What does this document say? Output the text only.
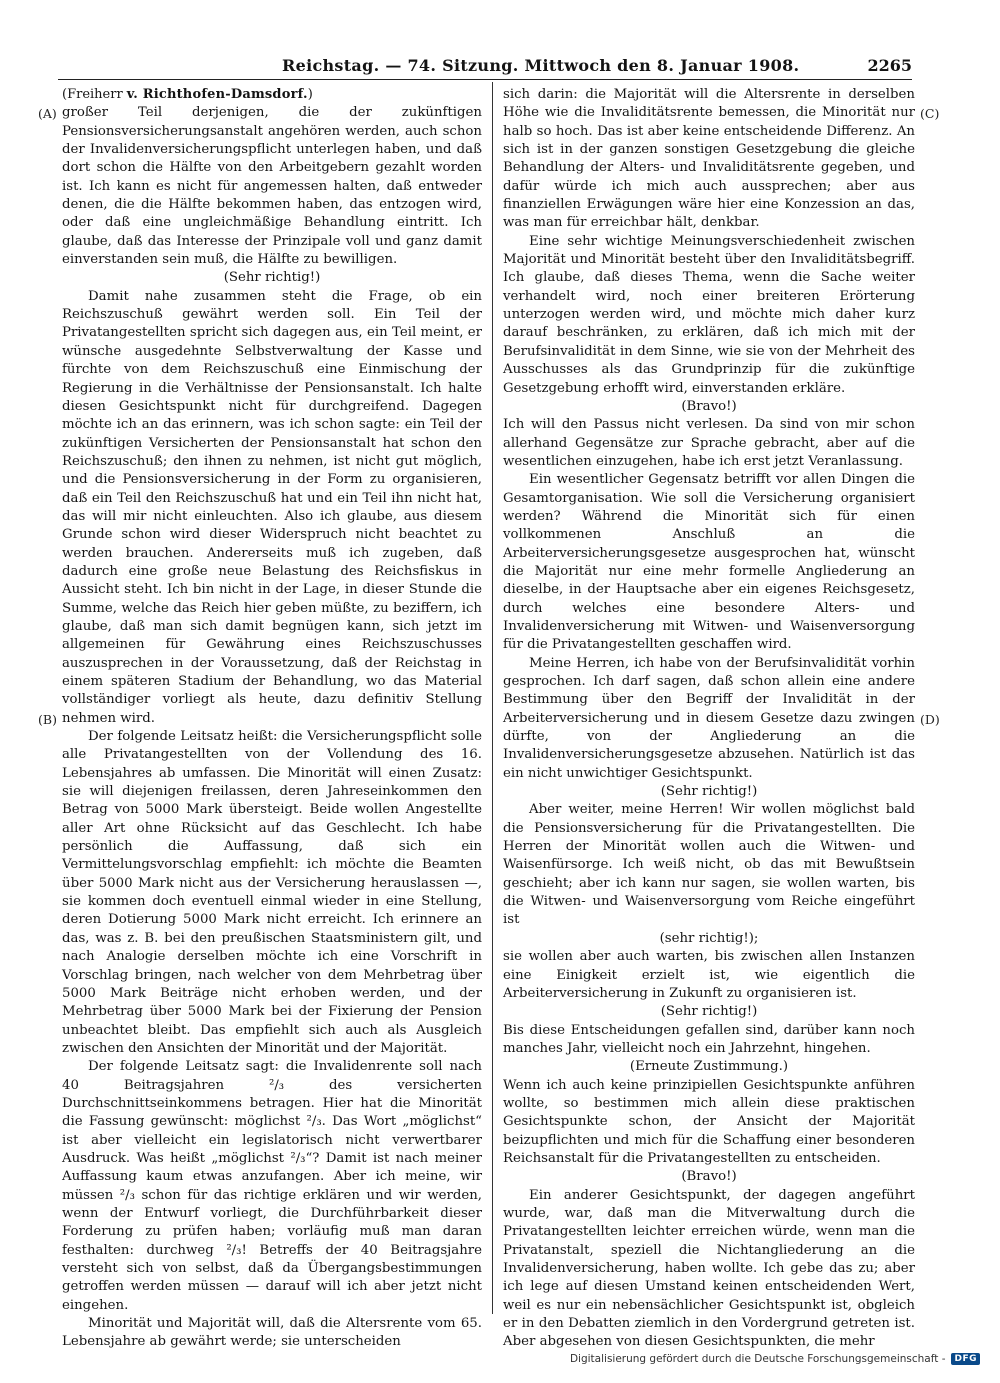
Reichstag. — 74. Sitzung. Mittwoch den 8. Januar 1908.	2265
(A)
(B)
(C)
(D)
(Freiherr v. Richthofen-Damsdorf.)

großer Teil derjenigen, die der zukünftigen Pensionsversicherungsanstalt angehören werden, auch schon der Invalidenversicherungspflicht unterlegen haben, und daß dort schon die Hälfte von den Arbeitgebern gezahlt worden ist. Ich kann es nicht für angemessen halten, daß entweder denen, die die Hälfte bekommen haben, das entzogen wird, oder daß eine ungleichmäßige Behandlung eintritt. Ich glaube, daß das Interesse der Prinzipale voll und ganz damit einverstanden sein muß, die Hälfte zu bewilligen.

(Sehr richtig!)

Damit nahe zusammen steht die Frage, ob ein Reichszuschuß gewährt werden soll. Ein Teil der Privatangestellten spricht sich dagegen aus, ein Teil meint, er wünsche ausgedehnte Selbstverwaltung der Kasse und fürchte von dem Reichszuschuß eine Einmischung der Regierung in die Verhältnisse der Pensionsanstalt. Ich halte diesen Gesichtspunkt nicht für durchgreifend. Dagegen möchte ich an das erinnern, was ich schon sagte: ein Teil der zukünftigen Versicherten der Pensionsanstalt hat schon den Reichszuschuß; den ihnen zu nehmen, ist nicht gut möglich, und die Pensionsversicherung in der Form zu organisieren, daß ein Teil den Reichszuschuß hat und ein Teil ihn nicht hat, das will mir nicht einleuchten. Also ich glaube, aus diesem Grunde schon wird dieser Widerspruch nicht beachtet zu werden brauchen. Andererseits muß ich zugeben, daß dadurch eine große neue Belastung des Reichsfiskus in Aussicht steht. Ich bin nicht in der Lage, in dieser Stunde die Summe, welche das Reich hier geben müßte, zu beziffern, ich glaube, daß man sich damit begnügen kann, sich jetzt im allgemeinen für Gewährung eines Reichszuschusses auszusprechen in der Voraussetzung, daß der Reichstag in einem späteren Stadium der Behandlung, wo das Material vollständiger vorliegt als heute, dazu definitiv Stellung nehmen wird.

Der folgende Leitsatz heißt: die Versicherungspflicht solle alle Privatangestellten von der Vollendung des 16. Lebensjahres ab umfassen. Die Minorität will einen Zusatz: sie will diejenigen freilassen, deren Jahreseinkommen den Betrag von 5000 Mark übersteigt. Beide wollen Angestellte aller Art ohne Rücksicht auf das Geschlecht. Ich habe persönlich die Auffassung, daß sich ein Vermittelungsvorschlag empfiehlt: ich möchte die Beamten über 5000 Mark nicht aus der Versicherung herauslassen —, sie kommen doch eventuell einmal wieder in eine Stellung, deren Dotierung 5000 Mark nicht erreicht. Ich erinnere an das, was z. B. bei den preußischen Staatsministern gilt, und nach Analogie derselben möchte ich eine Vorschrift in Vorschlag bringen, nach welcher von dem Mehrbetrag über 5000 Mark Beiträge nicht erhoben werden, und der Mehrbetrag über 5000 Mark bei der Fixierung der Pension unbeachtet bleibt. Das empfiehlt sich auch als Ausgleich zwischen den Ansichten der Minorität und der Majorität.

Der folgende Leitsatz sagt: die Invalidenrente soll nach 40 Beitragsjahren ²/₃ des versicherten Durchschnittseinkommens betragen. Hier hat die Minorität die Fassung gewünscht: möglichst ²/₃. Das Wort „möglichst“ ist aber vielleicht ein legislatorisch nicht verwertbarer Ausdruck. Was heißt „möglichst ²/₃“? Damit ist nach meiner Auffassung kaum etwas anzufangen. Aber ich meine, wir müssen ²/₃ schon für das richtige erklären und wir werden, wenn der Entwurf vorliegt, die Durchführbarkeit dieser Forderung zu prüfen haben; vorläufig muß man daran festhalten: durchweg ²/₃! Betreffs der 40 Beitragsjahre versteht sich von selbst, daß da Übergangsbestimmungen getroffen werden müssen — darauf will ich aber jetzt nicht eingehen.

Minorität und Majorität will, daß die Altersrente vom 65. Lebensjahre ab gewährt werde; sie unterscheiden

sich darin: die Majorität will die Altersrente in derselben Höhe wie die Invaliditätsrente bemessen, die Minorität nur halb so hoch. Das ist aber keine entscheidende Differenz. An sich ist in der ganzen sonstigen Gesetzgebung die gleiche Behandlung der Alters- und Invaliditätsrente gegeben, und dafür würde ich mich auch aussprechen; aber aus finanziellen Erwägungen wäre hier eine Konzession an das, was man für erreichbar hält, denkbar.

Eine sehr wichtige Meinungsverschiedenheit zwischen Majorität und Minorität besteht über den Invaliditätsbegriff. Ich glaube, daß dieses Thema, wenn die Sache weiter verhandelt wird, noch einer breiteren Erörterung unterzogen werden wird, und möchte mich daher kurz darauf beschränken, zu erklären, daß ich mich mit der Berufsinvalidität in dem Sinne, wie sie von der Mehrheit des Ausschusses als das Grundprinzip für die zukünftige Gesetzgebung erhofft wird, einverstanden erkläre.

(Bravo!)

Ich will den Passus nicht verlesen. Da sind von mir schon allerhand Gegensätze zur Sprache gebracht, aber auf die wesentlichen einzugehen, habe ich erst jetzt Veranlassung.

Ein wesentlicher Gegensatz betrifft vor allen Dingen die Gesamtorganisation. Wie soll die Versicherung organisiert werden? Während die Minorität sich für einen vollkommenen Anschluß an die Arbeiterversicherungsgesetze ausgesprochen hat, wünscht die Majorität nur eine mehr formelle Angliederung an dieselbe, in der Hauptsache aber ein eigenes Reichsgesetz, durch welches eine besondere Alters- und Invalidenversicherung mit Witwen- und Waisenversorgung für die Privatangestellten geschaffen wird.

Meine Herren, ich habe von der Berufsinvalidität vorhin gesprochen. Ich darf sagen, daß schon allein eine andere Bestimmung über den Begriff der Invalidität in der Arbeiterversicherung und in diesem Gesetze dazu zwingen dürfte, von der Angliederung an die Invalidenversicherungsgesetze abzusehen. Natürlich ist das ein nicht unwichtiger Gesichtspunkt.

(Sehr richtig!)

Aber weiter, meine Herren! Wir wollen möglichst bald die Pensionsversicherung für die Privatangestellten. Die Herren der Minorität wollen auch die Witwen- und Waisenfürsorge. Ich weiß nicht, ob das mit Bewußtsein geschieht; aber ich kann nur sagen, sie wollen warten, bis die Witwen- und Waisenversorgung vom Reiche eingeführt ist

(sehr richtig!);

sie wollen aber auch warten, bis zwischen allen Instanzen eine Einigkeit erzielt ist, wie eigentlich die Arbeiterversicherung in Zukunft zu organisieren ist.

(Sehr richtig!)

Bis diese Entscheidungen gefallen sind, darüber kann noch manches Jahr, vielleicht noch ein Jahrzehnt, hingehen.

(Erneute Zustimmung.)

Wenn ich auch keine prinzipiellen Gesichtspunkte anführen wollte, so bestimmen mich allein diese praktischen Gesichtspunkte schon, der Ansicht der Majorität beizupflichten und mich für die Schaffung einer besonderen Reichsanstalt für die Privatangestellten zu entscheiden.

(Bravo!)

Ein anderer Gesichtspunkt, der dagegen angeführt wurde, war, daß man die Mitverwaltung durch die Privatangestellten leichter erreichen würde, wenn man die Privatanstalt, speziell die Nichtangliederung an die Invalidenversicherung, haben wollte. Ich gebe das zu; aber ich lege auf diesen Umstand keinen entscheidenden Wert, weil es nur ein nebensächlicher Gesichtspunkt ist, obgleich er in den Debatten ziemlich in den Vordergrund getreten ist. Aber abgesehen von diesen Gesichtspunkten, die mehr

Digitalisierung gefördert durch die Deutsche Forschungsgemeinschaft -	DFG
